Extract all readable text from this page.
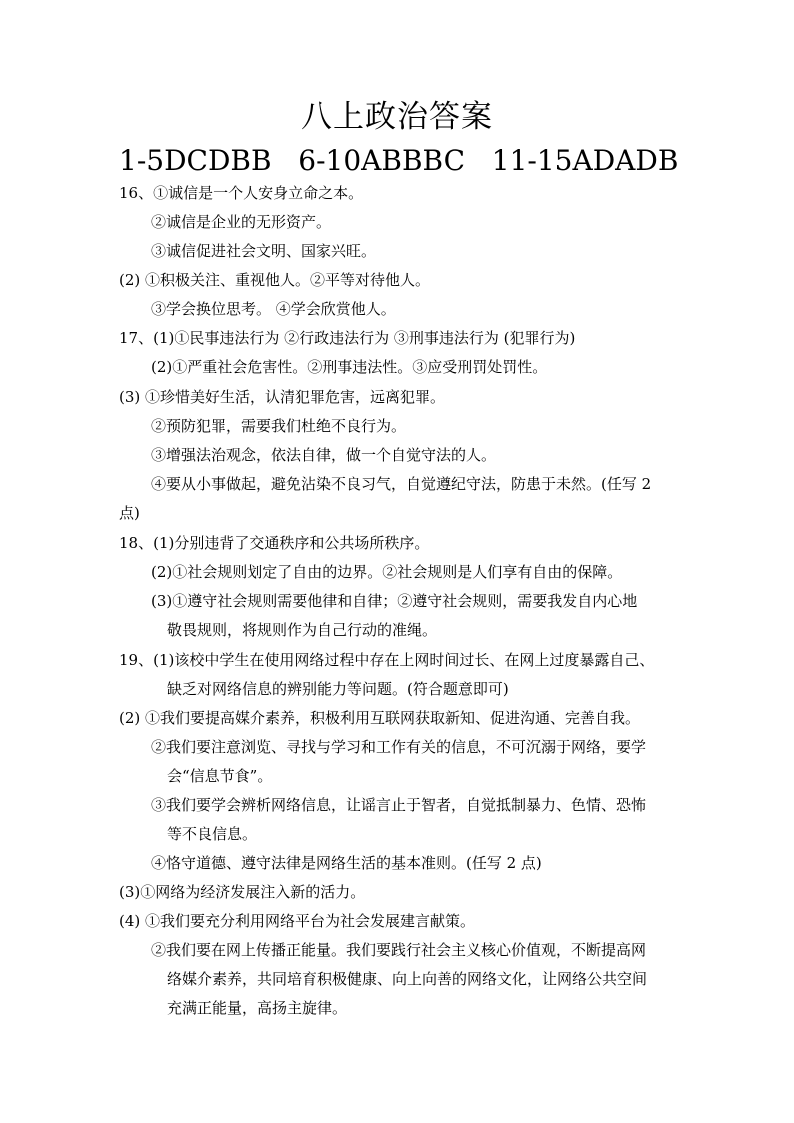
八上政治答案
1-5DCDBB   6-10ABBBC   11-15ADADB
16、①诚信是一个人安身立命之本。
②诚信是企业的无形资产。
③诚信促进社会文明、国家兴旺。
(2) ①积极关注、重视他人。②平等对待他人。
③学会换位思考。 ④学会欣赏他人。
17、(1)①民事违法行为 ②行政违法行为 ③刑事违法行为 (犯罪行为)
(2)①严重社会危害性。②刑事违法性。③应受刑罚处罚性。
(3) ①珍惜美好生活，认清犯罪危害，远离犯罪。
②预防犯罪，需要我们杜绝不良行为。
③增强法治观念，依法自律，做一个自觉守法的人。
④要从小事做起，避免沾染不良习气，自觉遵纪守法，防患于未然。(任写 2
点)
18、(1)分别违背了交通秩序和公共场所秩序。
(2)①社会规则划定了自由的边界。②社会规则是人们享有自由的保障。
(3)①遵守社会规则需要他律和自律；②遵守社会规则，需要我发自内心地
敬畏规则，将规则作为自己行动的准绳。
19、(1)该校中学生在使用网络过程中存在上网时间过长、在网上过度暴露自己、
缺乏对网络信息的辨别能力等问题。(符合题意即可)
(2) ①我们要提高媒介素养，积极利用互联网获取新知、促进沟通、完善自我。
②我们要注意浏览、寻找与学习和工作有关的信息，不可沉溺于网络，要学
会“信息节食”。
③我们要学会辨析网络信息，让谣言止于智者，自觉抵制暴力、色情、恐怖
等不良信息。
④恪守道德、遵守法律是网络生活的基本准则。(任写 2 点)
(3)①网络为经济发展注入新的活力。
(4) ①我们要充分利用网络平台为社会发展建言献策。
②我们要在网上传播正能量。我们要践行社会主义核心价值观，不断提高网
络媒介素养，共同培育积极健康、向上向善的网络文化，让网络公共空间
充满正能量，高扬主旋律。
